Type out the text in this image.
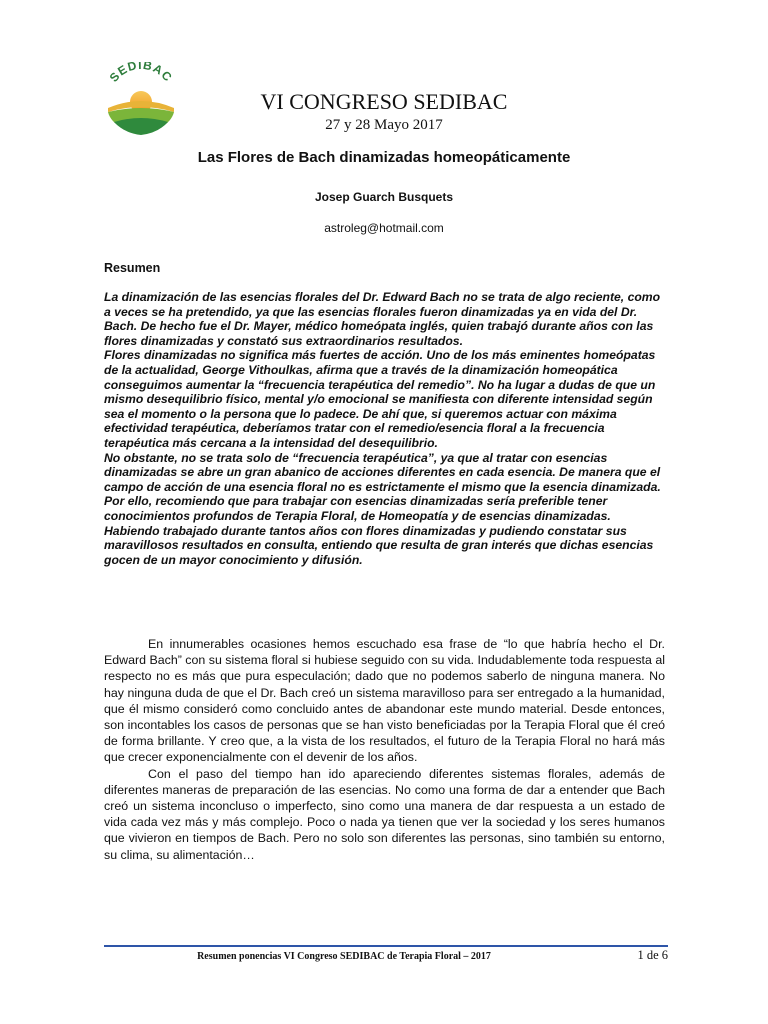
SEDIBAC
VI CONGRESO SEDIBAC
27 y 28 Mayo 2017
Las Flores de Bach dinamizadas homeopáticamente
Josep Guarch Busquets
astroleg@hotmail.com
Resumen

La dinamización de las esencias florales del Dr. Edward Bach no se trata de algo reciente, como a veces se ha pretendido, ya que las esencias florales fueron dinamizadas ya en vida del Dr. Bach. De hecho fue el Dr. Mayer, médico homeópata inglés, quien trabajó durante años con las flores dinamizadas y constató sus extraordinarios resultados.

Flores dinamizadas no significa más fuertes de acción. Uno de los más eminentes homeópatas de la actualidad, George Vithoulkas, afirma que a través de la dinamización homeopática conseguimos aumentar la “frecuencia terapéutica del remedio”. No ha lugar a dudas de que un mismo desequilibrio físico, mental y/o emocional se manifiesta con diferente intensidad según sea el momento o la persona que lo padece. De ahí que, si queremos actuar con máxima efectividad terapéutica, deberíamos tratar con el remedio/esencia floral a la frecuencia terapéutica más cercana a la intensidad del desequilibrio.

No obstante, no se trata solo de “frecuencia terapéutica”, ya que al tratar con esencias dinamizadas se abre un gran abanico de acciones diferentes en cada esencia. De manera que el campo de acción de una esencia floral no es estrictamente el mismo que la esencia dinamizada. Por ello, recomiendo que para trabajar con esencias dinamizadas sería preferible tener conocimientos profundos de Terapia Floral, de Homeopatía y de esencias dinamizadas.

Habiendo trabajado durante tantos años con flores dinamizadas y pudiendo constatar sus maravillosos resultados en consulta, entiendo que resulta de gran interés que dichas esencias gocen de un mayor conocimiento y difusión.

En innumerables ocasiones hemos escuchado esa frase de “lo que habría hecho el Dr. Edward Bach” con su sistema floral si hubiese seguido con su vida. Indudablemente toda respuesta al respecto no es más que pura especulación; dado que no podemos saberlo de ninguna manera. No hay ninguna duda de que el Dr. Bach creó un sistema maravilloso para ser entregado a la humanidad, que él mismo consideró como concluido antes de abandonar este mundo material. Desde entonces, son incontables los casos de personas que se han visto beneficiadas por la Terapia Floral que él creó de forma brillante. Y creo que, a la vista de los resultados, el futuro de la Terapia Floral no hará más que crecer exponencialmente con el devenir de los años.

Con el paso del tiempo han ido apareciendo diferentes sistemas florales, además de diferentes maneras de preparación de las esencias. No como una forma de dar a entender que Bach creó un sistema inconcluso o imperfecto, sino como una manera de dar respuesta a un estado de vida cada vez más y más complejo. Poco o nada ya tienen que ver la sociedad y los seres humanos que vivieron en tiempos de Bach. Pero no solo son diferentes las personas, sino también su entorno, su clima, su alimentación…

Resumen ponencias VI Congreso SEDIBAC de Terapia Floral – 2017	1 de 6
